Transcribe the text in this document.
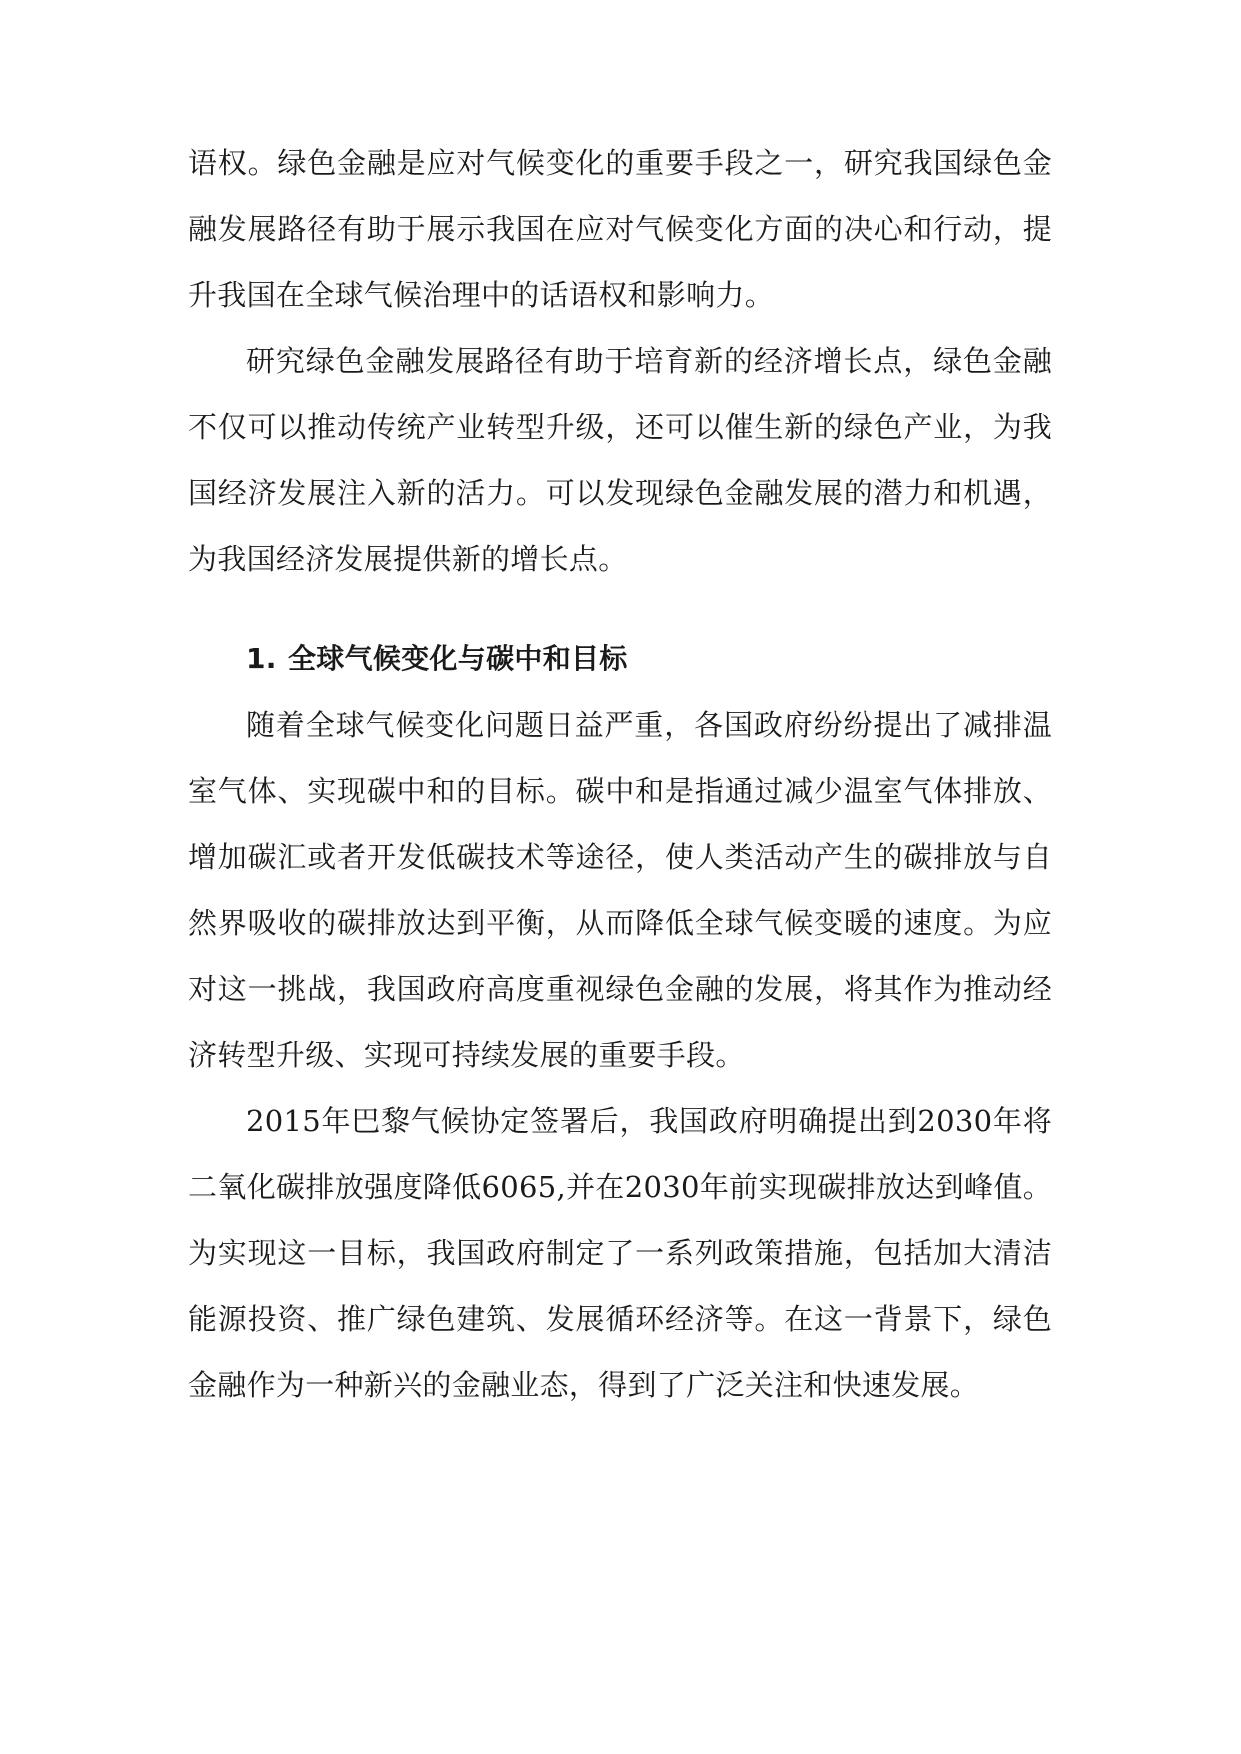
语权。绿色金融是应对气候变化的重要手段之一，研究我国绿色金融发展路径有助于展示我国在应对气候变化方面的决心和行动，提升我国在全球气候治理中的话语权和影响力。

研究绿色金融发展路径有助于培育新的经济增长点，绿色金融不仅可以推动传统产业转型升级，还可以催生新的绿色产业，为我国经济发展注入新的活力。可以发现绿色金融发展的潜力和机遇，为我国经济发展提供新的增长点。

1. 全球气候变化与碳中和目标

随着全球气候变化问题日益严重，各国政府纷纷提出了减排温室气体、实现碳中和的目标。碳中和是指通过减少温室气体排放、增加碳汇或者开发低碳技术等途径，使人类活动产生的碳排放与自然界吸收的碳排放达到平衡，从而降低全球气候变暖的速度。为应对这一挑战，我国政府高度重视绿色金融的发展，将其作为推动经济转型升级、实现可持续发展的重要手段。

2015年巴黎气候协定签署后，我国政府明确提出到2030年将二氧化碳排放强度降低6065,并在2030年前实现碳排放达到峰值。为实现这一目标，我国政府制定了一系列政策措施，包括加大清洁能源投资、推广绿色建筑、发展循环经济等。在这一背景下，绿色金融作为一种新兴的金融业态，得到了广泛关注和快速发展。
